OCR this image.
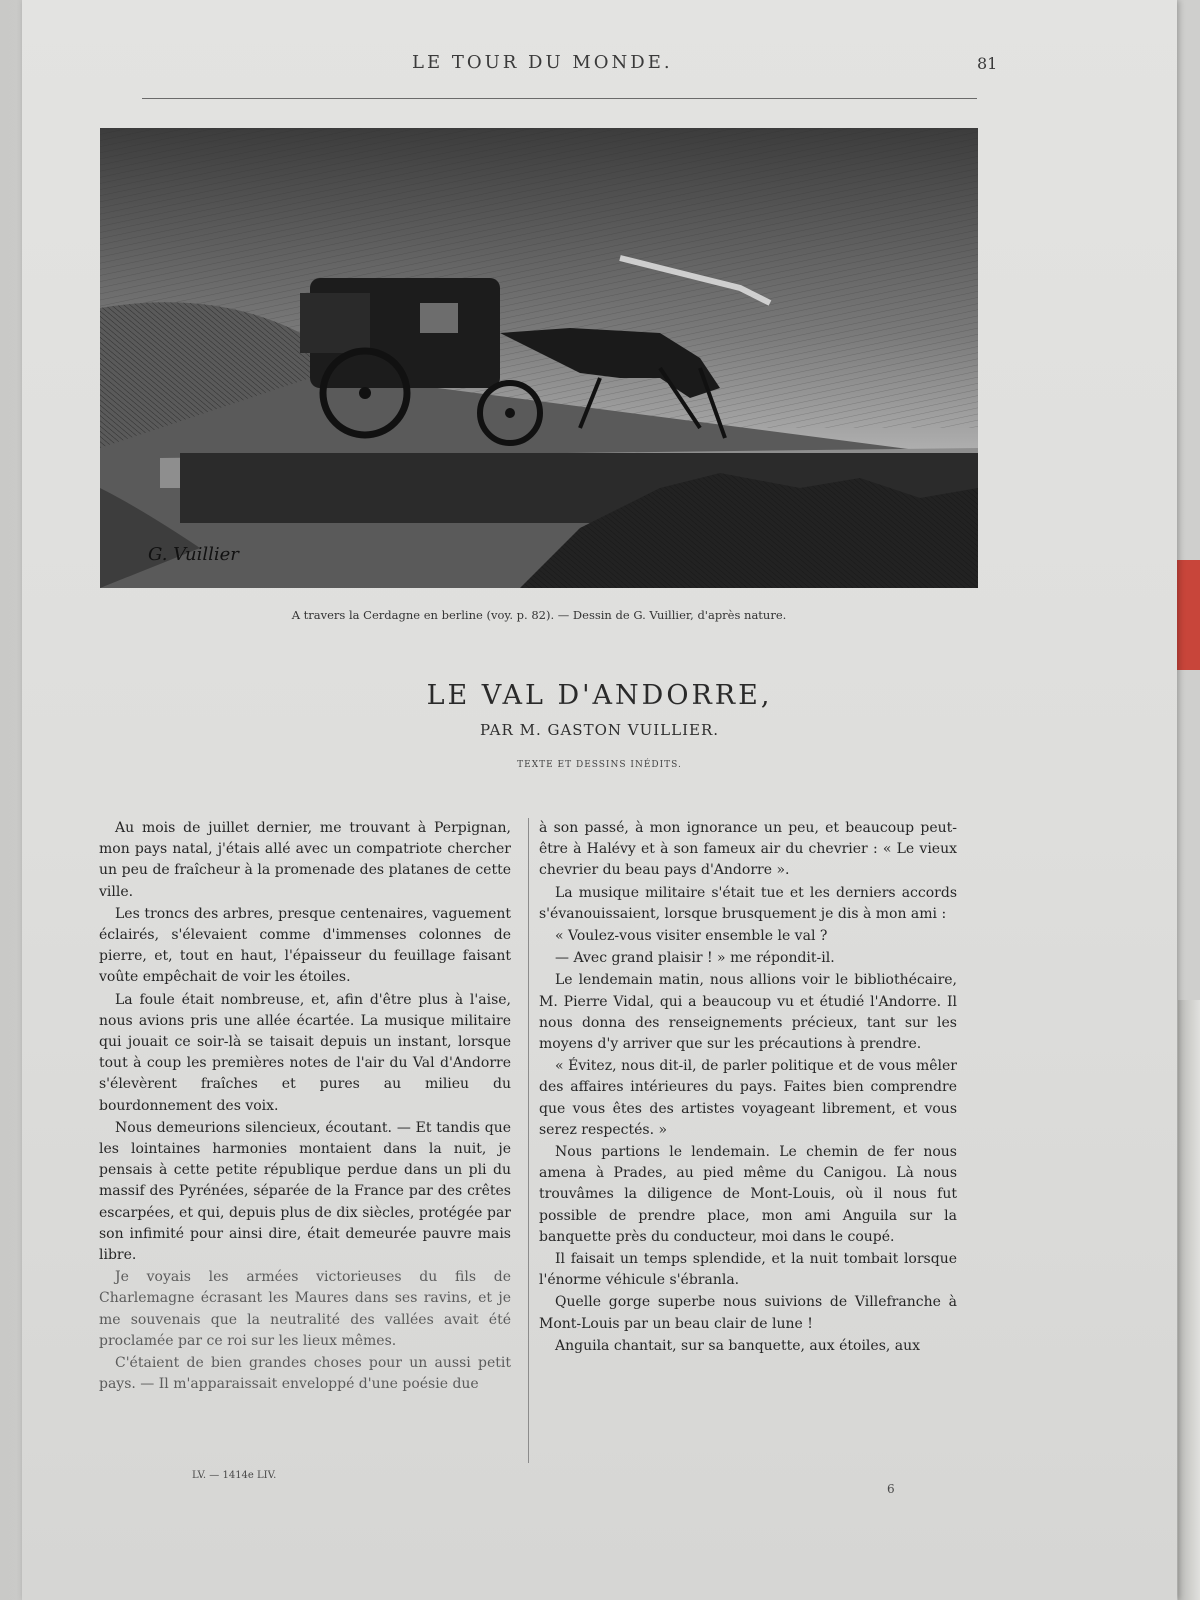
LE TOUR DU MONDE.	81
G. Vuillier
A travers la Cerdagne en berline (voy. p. 82). — Dessin de G. Vuillier, d'après nature.
LE VAL D'ANDORRE,
PAR M. GASTON VUILLIER.
TEXTE ET DESSINS INÉDITS.

Au mois de juillet dernier, me trouvant à Perpignan, mon pays natal, j'étais allé avec un compatriote chercher un peu de fraîcheur à la promenade des platanes de cette ville.

Les troncs des arbres, presque centenaires, vaguement éclairés, s'élevaient comme d'immenses colonnes de pierre, et, tout en haut, l'épaisseur du feuillage faisant voûte empêchait de voir les étoiles.

La foule était nombreuse, et, afin d'être plus à l'aise, nous avions pris une allée écartée. La musique militaire qui jouait ce soir-là se taisait depuis un instant, lorsque tout à coup les premières notes de l'air du Val d'Andorre s'élevèrent fraîches et pures au milieu du bourdonnement des voix.

Nous demeurions silencieux, écoutant. — Et tandis que les lointaines harmonies montaient dans la nuit, je pensais à cette petite république perdue dans un pli du massif des Pyrénées, séparée de la France par des crêtes escarpées, et qui, depuis plus de dix siècles, protégée par son infimité pour ainsi dire, était demeurée pauvre mais libre.

Je voyais les armées victorieuses du fils de Charlemagne écrasant les Maures dans ses ravins, et je me souvenais que la neutralité des vallées avait été proclamée par ce roi sur les lieux mêmes.

C'étaient de bien grandes choses pour un aussi petit pays. — Il m'apparaissait enveloppé d'une poésie due

à son passé, à mon ignorance un peu, et beaucoup peut-être à Halévy et à son fameux air du chevrier : « Le vieux chevrier du beau pays d'Andorre ».

La musique militaire s'était tue et les derniers accords s'évanouissaient, lorsque brusquement je dis à mon ami :

« Voulez-vous visiter ensemble le val ?

— Avec grand plaisir ! » me répondit-il.

Le lendemain matin, nous allions voir le bibliothécaire, M. Pierre Vidal, qui a beaucoup vu et étudié l'Andorre. Il nous donna des renseignements précieux, tant sur les moyens d'y arriver que sur les précautions à prendre.

« Évitez, nous dit-il, de parler politique et de vous mêler des affaires intérieures du pays. Faites bien comprendre que vous êtes des artistes voyageant librement, et vous serez respectés. »

Nous partions le lendemain. Le chemin de fer nous amena à Prades, au pied même du Canigou. Là nous trouvâmes la diligence de Mont-Louis, où il nous fut possible de prendre place, mon ami Anguila sur la banquette près du conducteur, moi dans le coupé.

Il faisait un temps splendide, et la nuit tombait lorsque l'énorme véhicule s'ébranla.

Quelle gorge superbe nous suivions de Villefranche à Mont-Louis par un beau clair de lune !

Anguila chantait, sur sa banquette, aux étoiles, aux

LV. — 1414e LIV.
6
